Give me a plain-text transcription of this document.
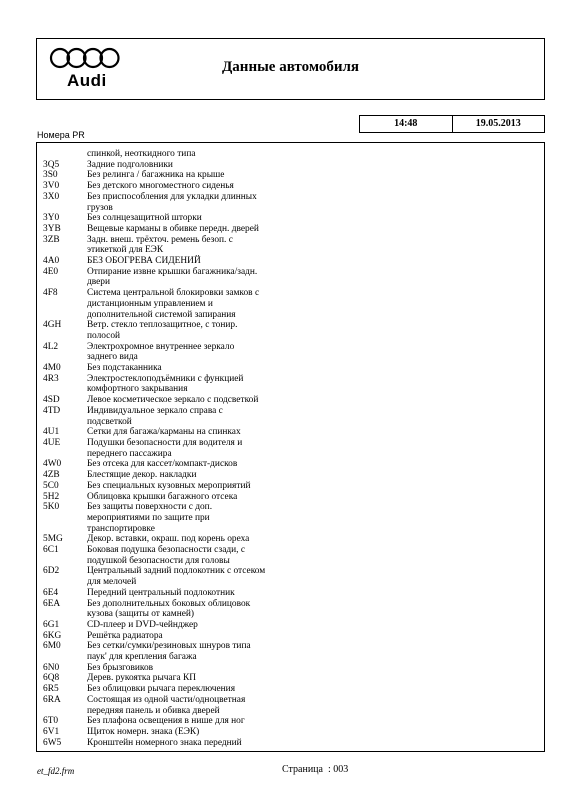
Audi
Данные автомобиля
14:48	19.05.2013
Номера PR
спинкой, неоткидного типа
3Q5	Задние подголовники
3S0	Без релинга / багажника на крыше
3V0	Без детского многоместного сиденья
3X0	Без приспособления для укладки длинных
грузов
3Y0	Без солнцезащитной шторки
3YB	Вещевые карманы в обивке передн. дверей
3ZB	Задн. внеш. трёхточ. ремень безоп. с
этикеткой для ЕЭК
4A0	БЕЗ ОБОГРЕВА СИДЕНИЙ
4E0	Отпирание извне крышки багажника/задн.
двери
4F8	Система центральной блокировки замков с
дистанционным управлением и
дополнительной системой запирания
4GH	Ветр. стекло теплозащитное, с тонир.
полосой
4L2	Электрохромное внутреннее зеркало
заднего вида
4M0	Без подстаканника
4R3	Электростеклоподъёмники с функцией
комфортного закрывания
4SD	Левое косметическое зеркало с подсветкой
4TD	Индивидуальное зеркало справа с
подсветкой
4U1	Сетки для багажа/карманы на спинках
4UE	Подушки безопасности для водителя и
переднего пассажира
4W0	Без отсека для кассет/компакт-дисков
4ZB	Блестящие декор. накладки
5C0	Без специальных кузовных мероприятий
5H2	Облицовка крышки багажного отсека
5K0	Без защиты поверхности с доп.
мероприятиями по защите при
транспортировке
5MG	Декор. вставки, окраш. под корень ореха
6C1	Боковая подушка безопасности сзади, с
подушкой безопасности для головы
6D2	Центральный задний подлокотник с отсеком
для мелочей
6E4	Передний центральный подлокотник
6EA	Без дополнительных боковых облицовок
кузова (защиты от камней)
6G1	CD-плеер и DVD-чейнджер
6KG	Решётка радиатора
6M0	Без сетки/сумки/резиновых шнуров типа
паук' для крепления багажа
6N0	Без брызговиков
6Q8	Дерев. рукоятка рычага КП
6R5	Без облицовки рычага переключения
6RA	Состоящая из одной части/одноцветная
передняя панель и обивка дверей
6T0	Без плафона освещения в нише для ног
6V1	Щиток номерн. знака (ЕЭК)
6W5	Кронштейн номерного знака передний
et_fd2.frm	Страница : 003
